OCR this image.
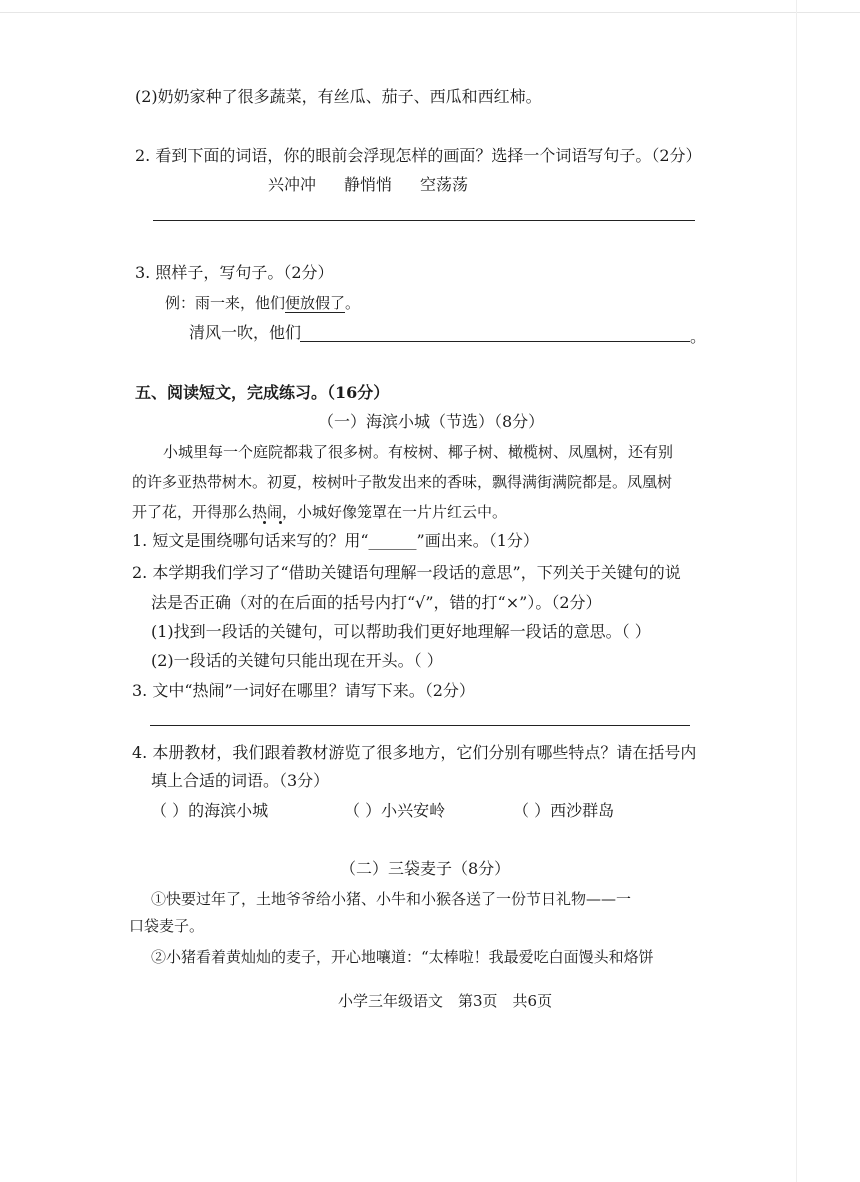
(2)奶奶家种了很多蔬菜，有丝瓜、茄子、西瓜和西红柿。
2. 看到下面的词语，你的眼前会浮现怎样的画面？选择一个词语写句子。（2分）
兴冲冲 静悄悄 空荡荡
3. 照样子，写句子。（2分）
例：雨一来，他们便放假了。
清风一吹，他们	。
五、阅读短文，完成练习。（16分）
（一）海滨小城（节选）（8分）
小城里每一个庭院都栽了很多树。有桉树、椰子树、橄榄树、凤凰树，还有别
的许多亚热带树木。初夏，桉树叶子散发出来的香味，飘得满街满院都是。凤凰树
开了花，开得那么热闹，小城好像笼罩在一片片红云中。
1. 短文是围绕哪句话来写的？用“______”画出来。（1分）
2. 本学期我们学习了“借助关键语句理解一段话的意思”，下列关于关键句的说
法是否正确（对的在后面的括号内打“√”，错的打“×”）。（2分）
(1)找到一段话的关键句，可以帮助我们更好地理解一段话的意思。（ ）
(2)一段话的关键句只能出现在开头。（ ）
3. 文中“热闹”一词好在哪里？请写下来。（2分）
4. 本册教材，我们跟着教材游览了很多地方，它们分别有哪些特点？请在括号内
填上合适的词语。（3分）
（ ）的海滨小城	（ ）小兴安岭	（ ）西沙群岛
（二）三袋麦子（8分）
①快要过年了，土地爷爷给小猪、小牛和小猴各送了一份节日礼物——一
口袋麦子。
②小猪看着黄灿灿的麦子，开心地嚷道：“太棒啦！我最爱吃白面馒头和烙饼
小学三年级语文　第3页　共6页
